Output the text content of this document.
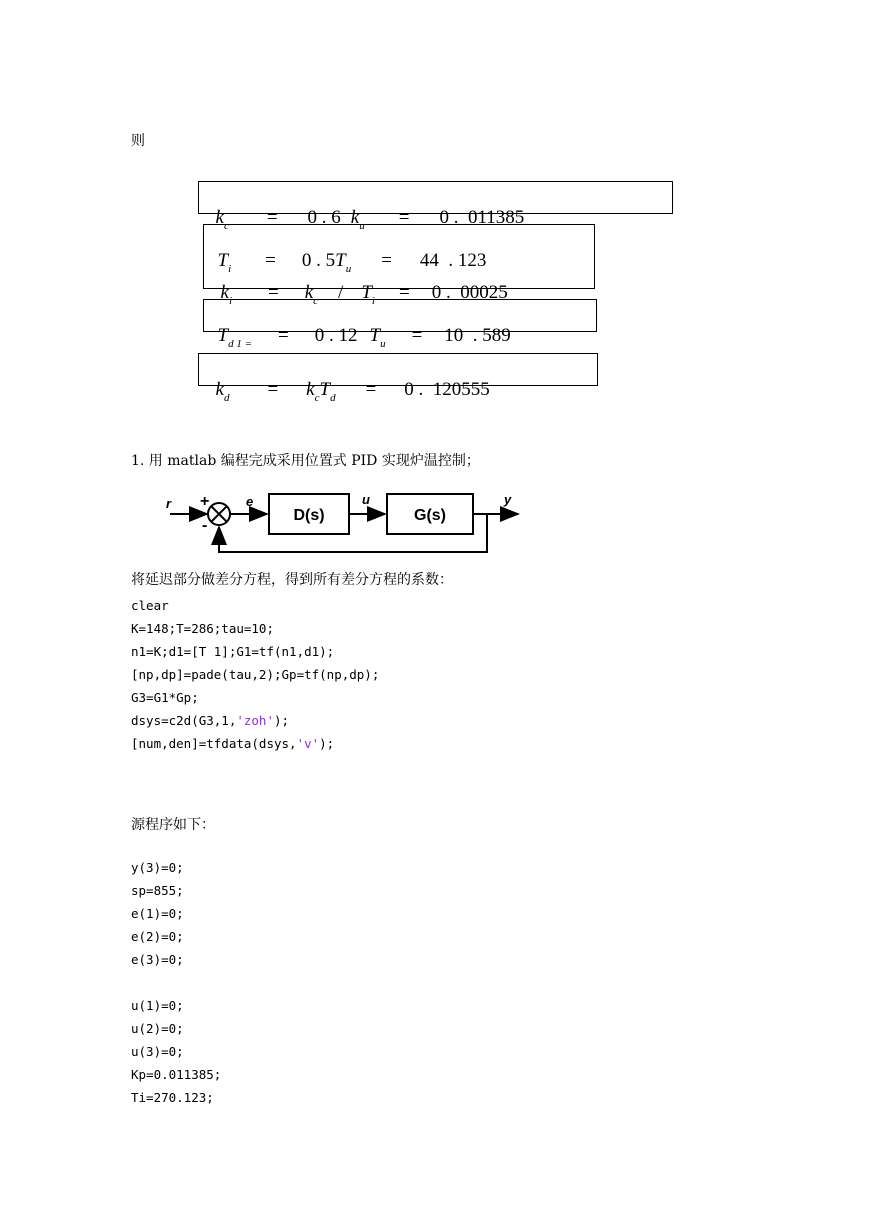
则

$k_c = 0$ . 6 $k_u = 0$ .  011385

$T_i = 0$ . $5T_u = 44$  . 123

$k_i = k_c / T_i = 0$ .  00025

$T_{d 1 =} = 0$ . 12 $T_u = 10$  . 589

$k_d = k_cT_d = 0$ .  120555

1. 用 matlab 编程完成采用位置式 PID 实现炉温控制；
r +
-
e	u	y
D(s)	G(s)
将延迟部分做差分方程，得到所有差分方程的系数：
clear
K=148;T=286;tau=10;
n1=K;d1=[T 1];G1=tf(n1,d1);
[np,dp]=pade(tau,2);Gp=tf(np,dp);
G3=G1*Gp;
dsys=c2d(G3,1,'zoh');
[num,den]=tfdata(dsys,'v');
源程序如下：
y(3)=0;
sp=855;
e(1)=0;
e(2)=0;
e(3)=0;
u(1)=0;
u(2)=0;
u(3)=0;
Kp=0.011385;
Ti=270.123;
